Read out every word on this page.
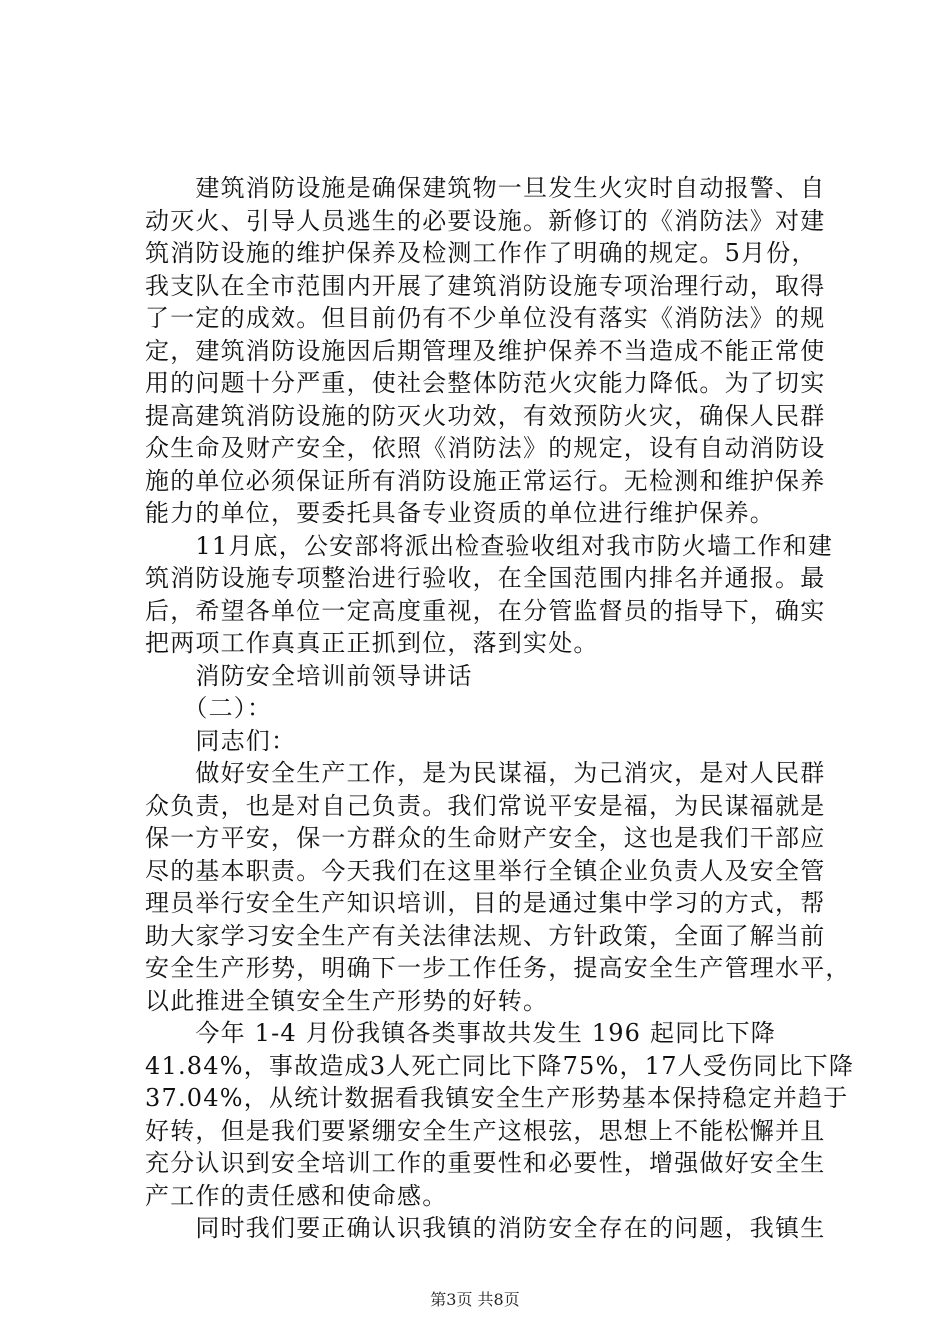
　　建筑消防设施是确保建筑物一旦发生火灾时自动报警、自
动灭火、引导人员逃生的必要设施。新修订的《消防法》对建
筑消防设施的维护保养及检测工作作了明确的规定。5月份，
我支队在全市范围内开展了建筑消防设施专项治理行动，取得
了一定的成效。但目前仍有不少单位没有落实《消防法》的规
定，建筑消防设施因后期管理及维护保养不当造成不能正常使
用的问题十分严重，使社会整体防范火灾能力降低。为了切实
提高建筑消防设施的防灭火功效，有效预防火灾，确保人民群
众生命及财产安全，依照《消防法》的规定，设有自动消防设
施的单位必须保证所有消防设施正常运行。无检测和维护保养
能力的单位，要委托具备专业资质的单位进行维护保养。
　　11月底，公安部将派出检查验收组对我市防火墙工作和建
筑消防设施专项整治进行验收，在全国范围内排名并通报。最
后，希望各单位一定高度重视，在分管监督员的指导下，确实
把两项工作真真正正抓到位，落到实处。
　　消防安全培训前领导讲话
　　（二）：
　　同志们：
　　做好安全生产工作，是为民谋福，为己消灾，是对人民群
众负责，也是对自己负责。我们常说平安是福，为民谋福就是
保一方平安，保一方群众的生命财产安全，这也是我们干部应
尽的基本职责。今天我们在这里举行全镇企业负责人及安全管
理员举行安全生产知识培训，目的是通过集中学习的方式，帮
助大家学习安全生产有关法律法规、方针政策，全面了解当前
安全生产形势，明确下一步工作任务，提高安全生产管理水平，
以此推进全镇安全生产形势的好转。
　　今年 1-4 月份我镇各类事故共发生 196 起同比下降
41.84%，事故造成3人死亡同比下降75%，17人受伤同比下降
37.04%，从统计数据看我镇安全生产形势基本保持稳定并趋于
好转，但是我们要紧绷安全生产这根弦，思想上不能松懈并且
充分认识到安全培训工作的重要性和必要性，增强做好安全生
产工作的责任感和使命感。
第3页 共8页
　　同时我们要正确认识我镇的消防安全存在的问题，我镇生
